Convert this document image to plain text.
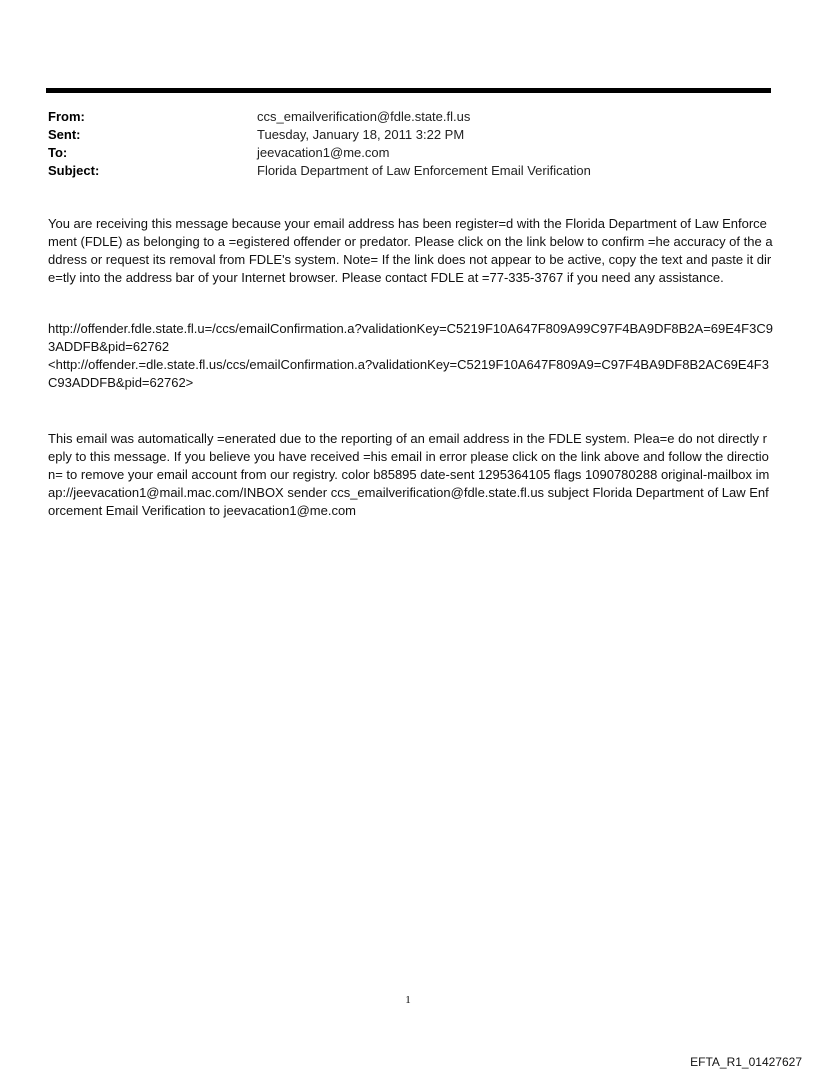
From:	ccs_emailverification@fdle.state.fl.us
Sent:	Tuesday, January 18, 2011 3:22 PM
To:	jeevacation1@me.com
Subject:	Florida Department of Law Enforcement Email Verification
You are receiving this message because your email address has been register=d with the Florida Department of Law Enforcement (FDLE) as belonging to a =egistered offender or predator. Please click on the link below to confirm =he accuracy of the address or request its removal from FDLE's system. Note= If the link does not appear to be active, copy the text and paste it dire=tly into the address bar of your Internet browser. Please contact FDLE at =77-335-3767 if you need any assistance.
http://offender.fdle.state.fl.u=/ccs/emailConfirmation.a?validationKey=C5219F10A647F809A99C97F4BA9DF8B2A=69E4F3C93ADDFB&pid=62762
<http://offender.=dle.state.fl.us/ccs/emailConfirmation.a?validationKey=C5219F10A647F809A9=C97F4BA9DF8B2AC69E4F3C93ADDFB&pid=62762>
This email was automatically =enerated due to the reporting of an email address in the FDLE system. Plea=e do not directly reply to this message. If you believe you have received =his email in error please click on the link above and follow the direction= to remove your email account from our registry. color b85895 date-sent 1295364105 flags 1090780288 original-mailbox imap://jeevacation1@mail.mac.com/INBOX sender ccs_emailverification@fdle.state.fl.us subject Florida Department of Law Enforcement Email Verification to jeevacation1@me.com
1
EFTA_R1_01427627
